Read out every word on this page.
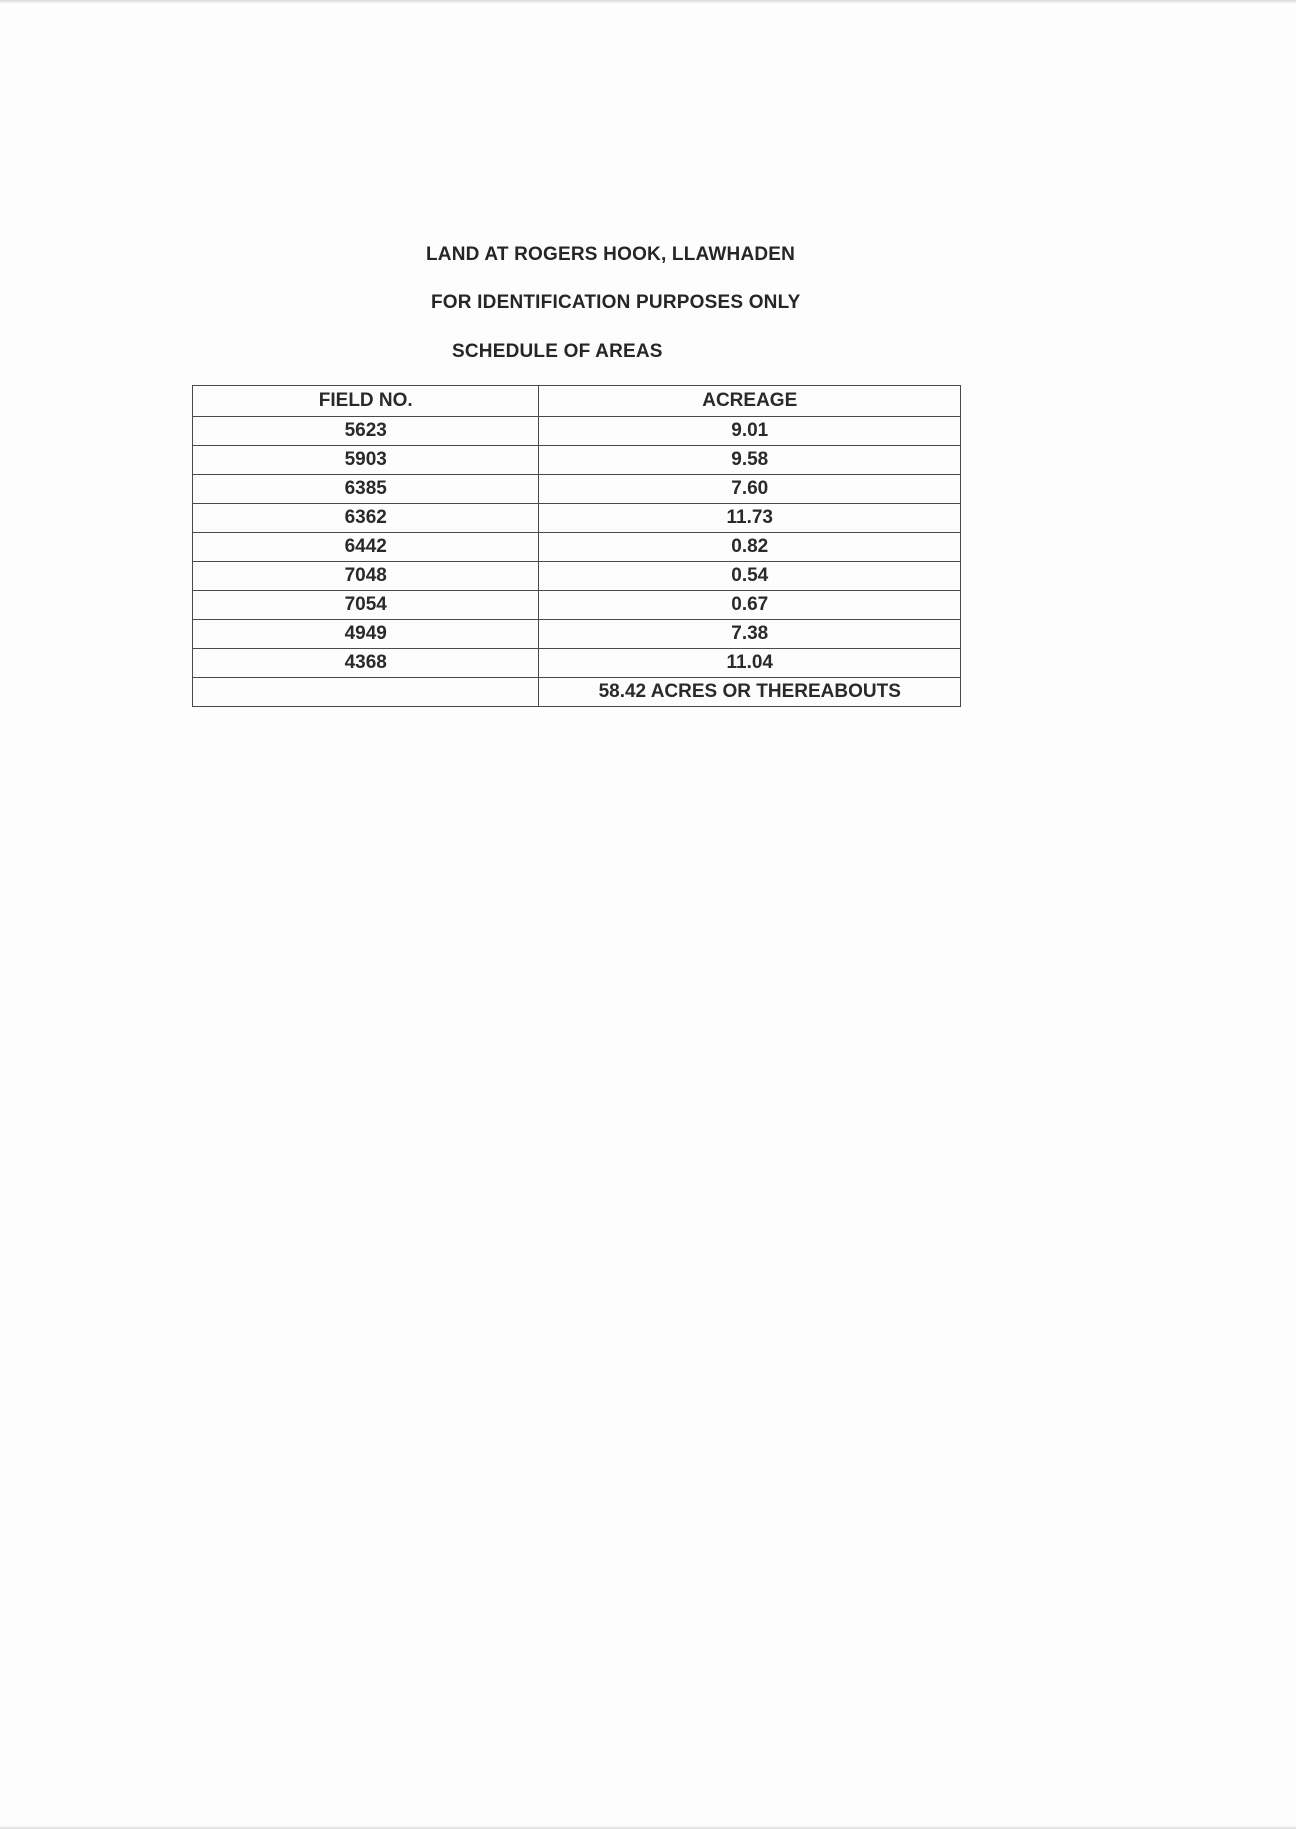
LAND AT ROGERS HOOK, LLAWHADEN
FOR IDENTIFICATION PURPOSES ONLY
SCHEDULE OF AREAS
FIELD NO.	ACREAGE
5623	9.01
5903	9.58
6385	7.60
6362	11.73
6442	0.82
7048	0.54
7054	0.67
4949	7.38
4368	11.04
	58.42 ACRES OR THEREABOUTS
